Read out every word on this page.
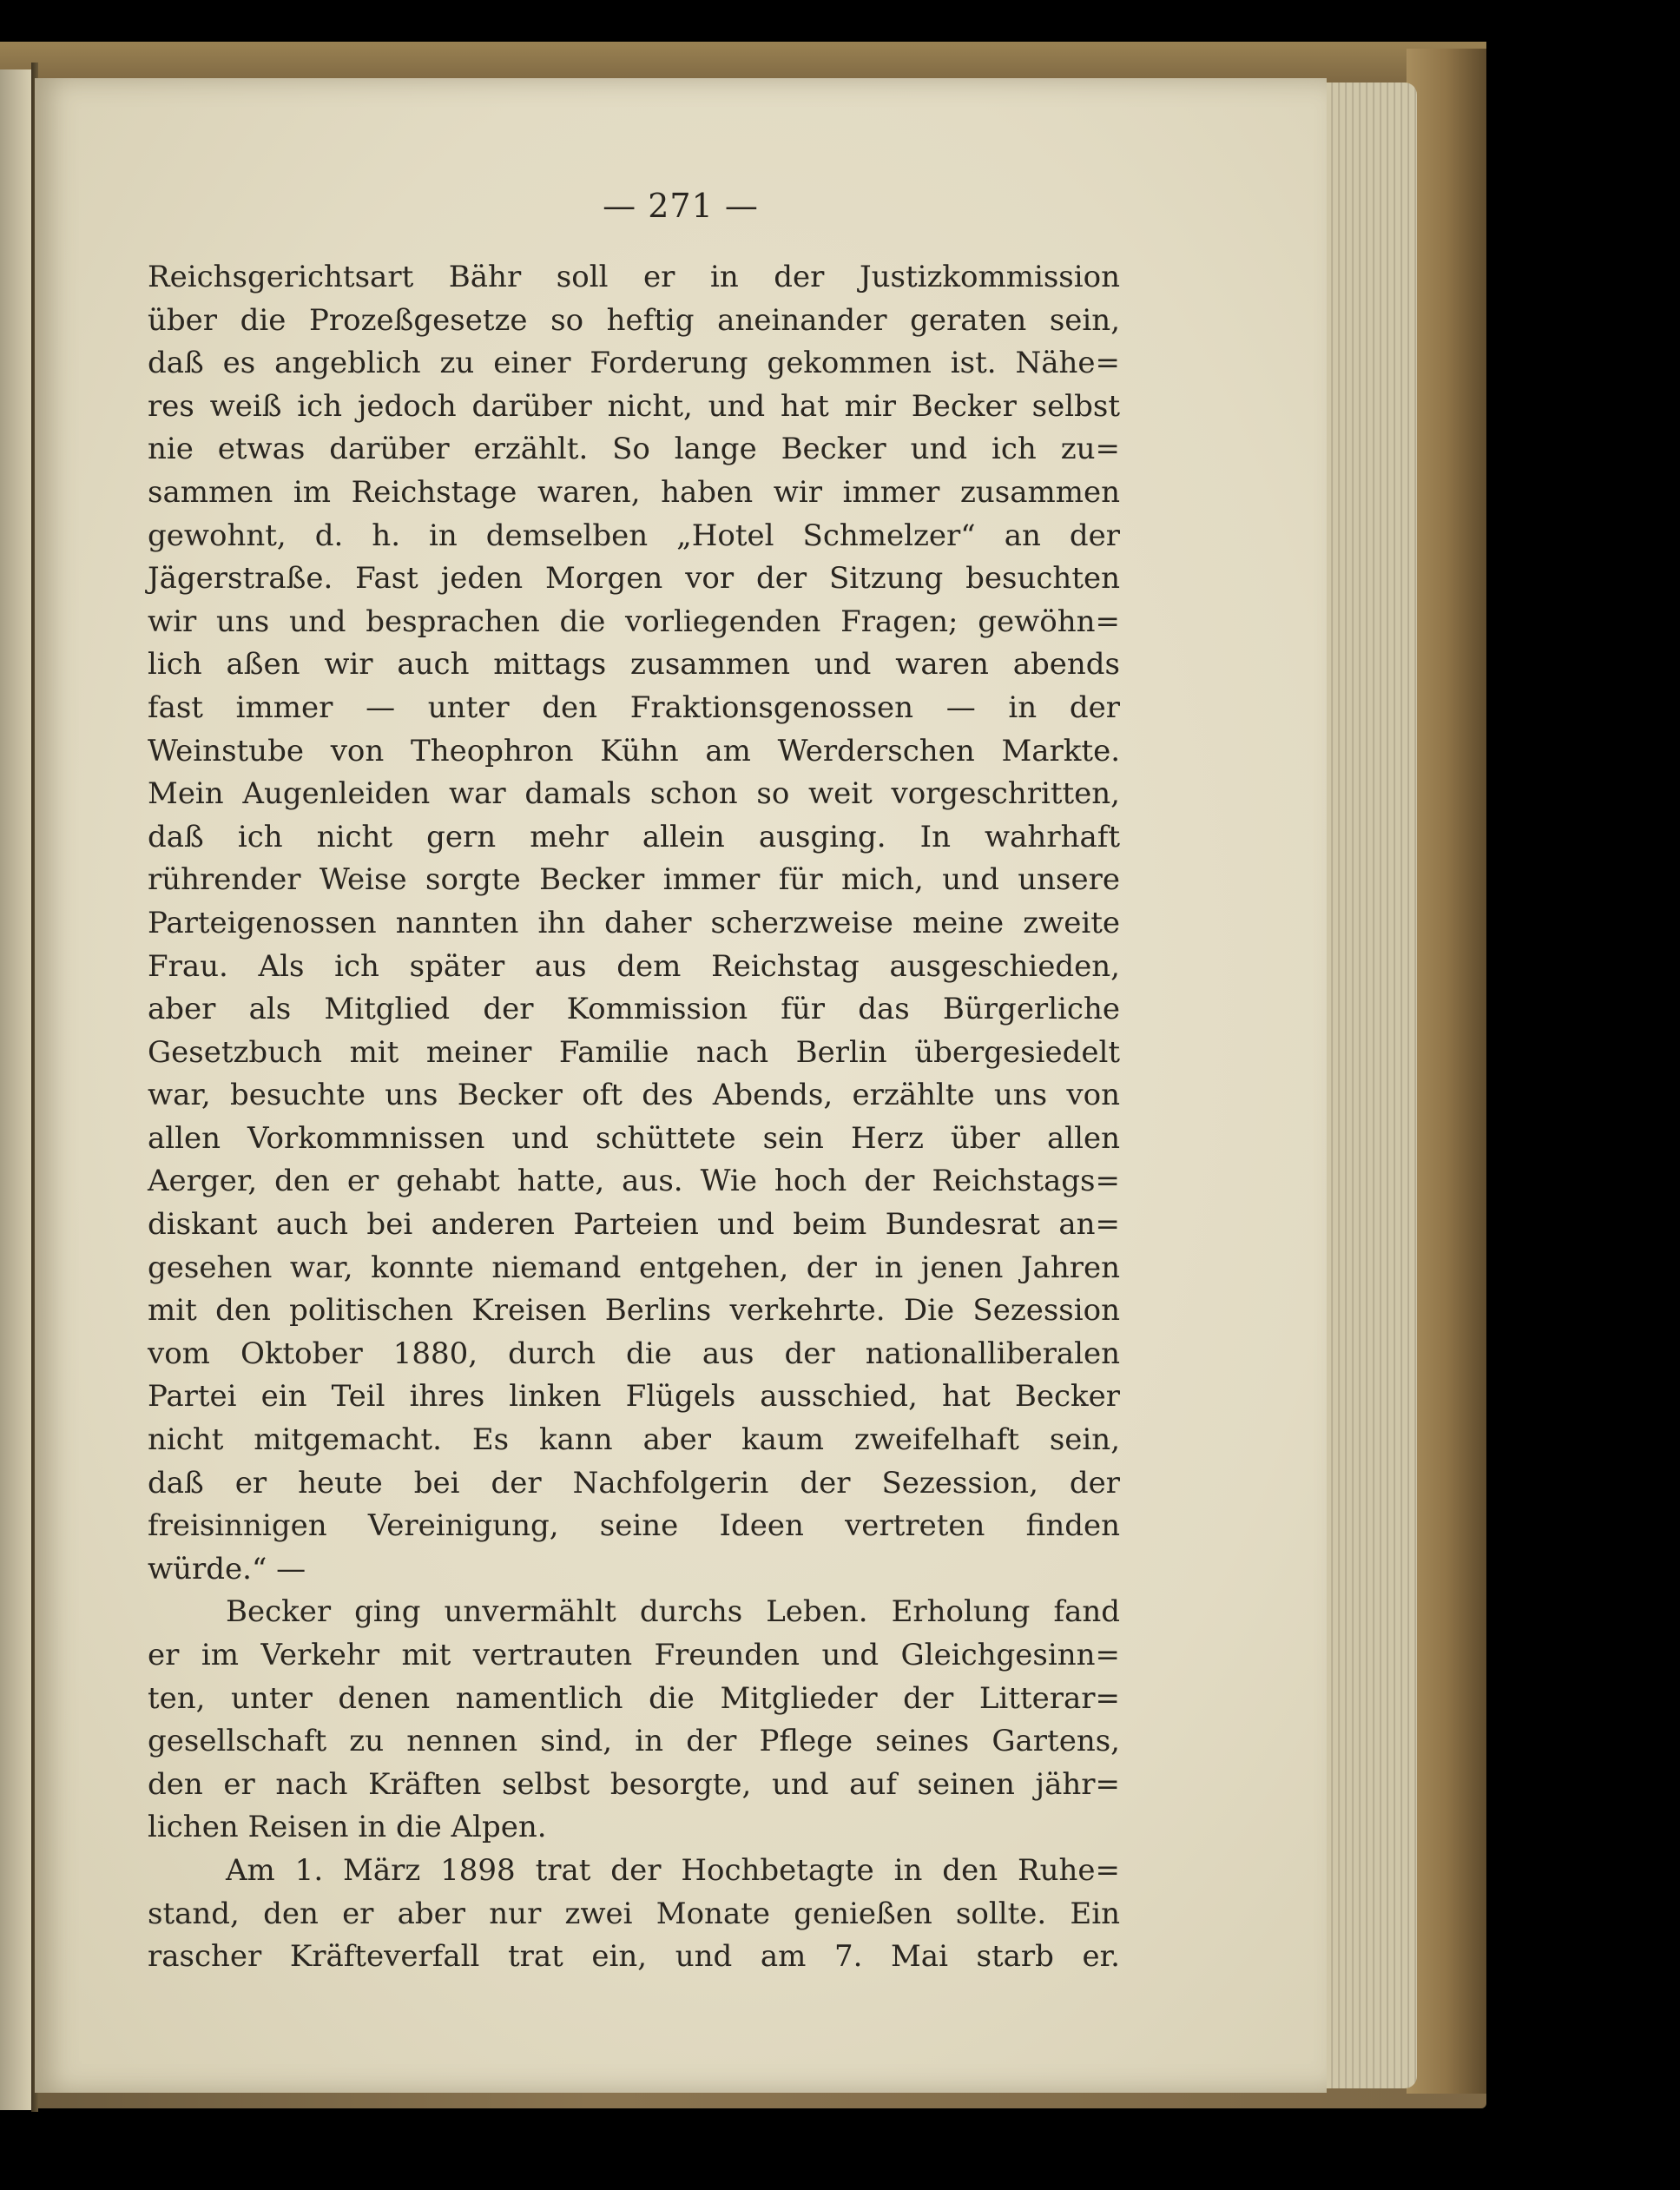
— 271 —
Reichsgerichtsart Bähr soll er in der Justizkommission
über die Prozeßgesetze so heftig aneinander geraten sein,
daß es angeblich zu einer Forderung gekommen ist. Nähe=
res weiß ich jedoch darüber nicht, und hat mir Becker selbst
nie etwas darüber erzählt. So lange Becker und ich zu=
sammen im Reichstage waren, haben wir immer zusammen
gewohnt, d. h. in demselben „Hotel Schmelzer“ an der
Jägerstraße. Fast jeden Morgen vor der Sitzung besuchten
wir uns und besprachen die vorliegenden Fragen; gewöhn=
lich aßen wir auch mittags zusammen und waren abends
fast immer — unter den Fraktionsgenossen — in der
Weinstube von Theophron Kühn am Werderschen Markte.
Mein Augenleiden war damals schon so weit vorgeschritten,
daß ich nicht gern mehr allein ausging. In wahrhaft
rührender Weise sorgte Becker immer für mich, und unsere
Parteigenossen nannten ihn daher scherzweise meine zweite
Frau. Als ich später aus dem Reichstag ausgeschieden,
aber als Mitglied der Kommission für das Bürgerliche
Gesetzbuch mit meiner Familie nach Berlin übergesiedelt
war, besuchte uns Becker oft des Abends, erzählte uns von
allen Vorkommnissen und schüttete sein Herz über allen
Aerger, den er gehabt hatte, aus. Wie hoch der Reichstags=
diskant auch bei anderen Parteien und beim Bundesrat an=
gesehen war, konnte niemand entgehen, der in jenen Jahren
mit den politischen Kreisen Berlins verkehrte. Die Sezession
vom Oktober 1880, durch die aus der nationalliberalen
Partei ein Teil ihres linken Flügels ausschied, hat Becker
nicht mitgemacht. Es kann aber kaum zweifelhaft sein,
daß er heute bei der Nachfolgerin der Sezession, der
freisinnigen Vereinigung, seine Ideen vertreten finden
würde.“ —
Becker ging unvermählt durchs Leben. Erholung fand
er im Verkehr mit vertrauten Freunden und Gleichgesinn=
ten, unter denen namentlich die Mitglieder der Litterar=
gesellschaft zu nennen sind, in der Pflege seines Gartens,
den er nach Kräften selbst besorgte, und auf seinen jähr=
lichen Reisen in die Alpen.
Am 1. März 1898 trat der Hochbetagte in den Ruhe=
stand, den er aber nur zwei Monate genießen sollte. Ein
rascher Kräfteverfall trat ein, und am 7. Mai starb er.
